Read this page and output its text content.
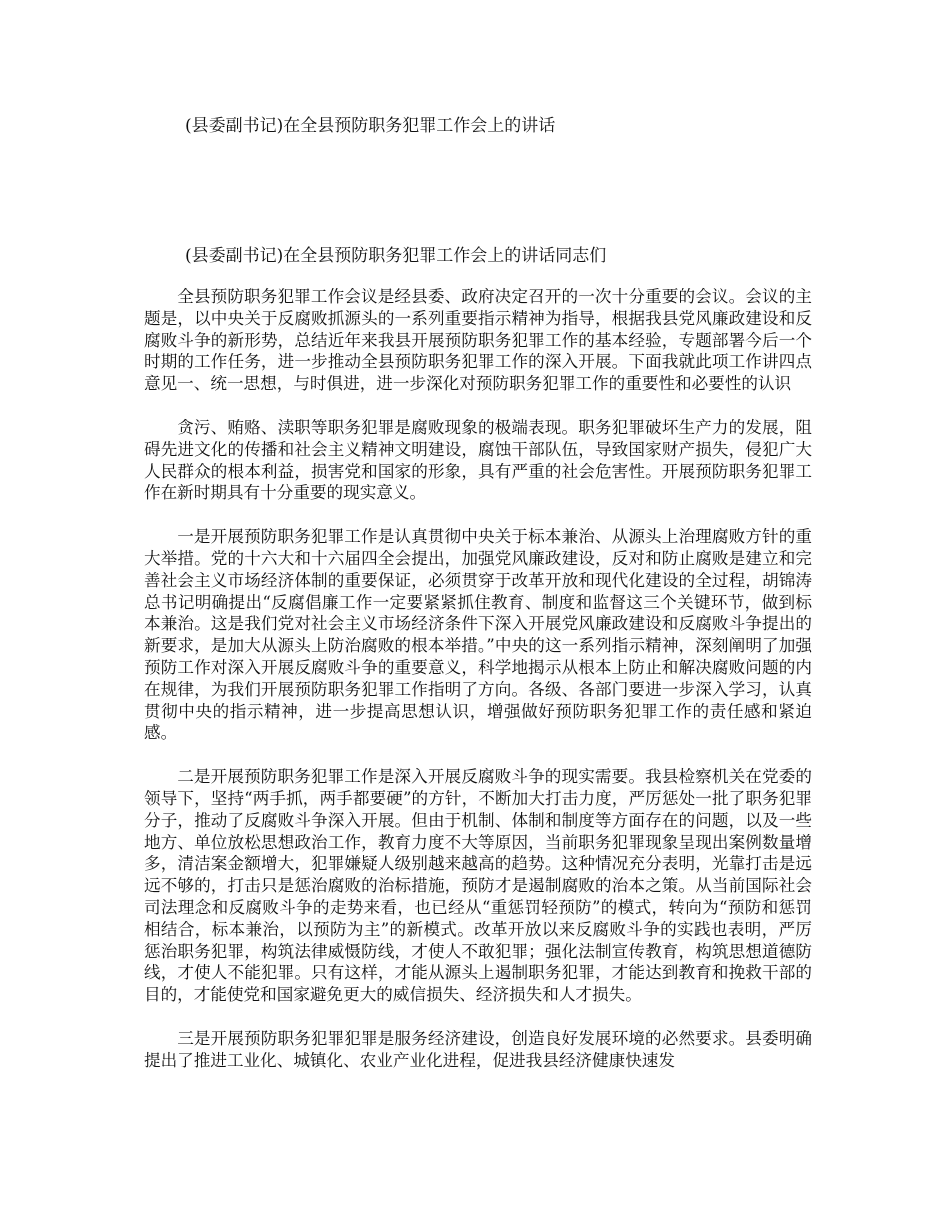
(县委副书记)在全县预防职务犯罪工作会上的讲话
(县委副书记)在全县预防职务犯罪工作会上的讲话同志们

全县预防职务犯罪工作会议是经县委、政府决定召开的一次十分重要的会议。会议的主题是，以中央关于反腐败抓源头的一系列重要指示精神为指导，根据我县党风廉政建设和反腐败斗争的新形势，总结近年来我县开展预防职务犯罪工作的基本经验，专题部署今后一个时期的工作任务，进一步推动全县预防职务犯罪工作的深入开展。下面我就此项工作讲四点意见一、统一思想，与时俱进，进一步深化对预防职务犯罪工作的重要性和必要性的认识

贪污、贿赂、渎职等职务犯罪是腐败现象的极端表现。职务犯罪破坏生产力的发展，阻碍先进文化的传播和社会主义精神文明建设，腐蚀干部队伍，导致国家财产损失，侵犯广大人民群众的根本利益，损害党和国家的形象，具有严重的社会危害性。开展预防职务犯罪工作在新时期具有十分重要的现实意义。

一是开展预防职务犯罪工作是认真贯彻中央关于标本兼治、从源头上治理腐败方针的重大举措。党的十六大和十六届四全会提出，加强党风廉政建设，反对和防止腐败是建立和完善社会主义市场经济体制的重要保证，必须贯穿于改革开放和现代化建设的全过程，胡锦涛总书记明确提出“反腐倡廉工作一定要紧紧抓住教育、制度和监督这三个关键环节，做到标本兼治。这是我们党对社会主义市场经济条件下深入开展党风廉政建设和反腐败斗争提出的新要求，是加大从源头上防治腐败的根本举措。”中央的这一系列指示精神，深刻阐明了加强预防工作对深入开展反腐败斗争的重要意义，科学地揭示从根本上防止和解决腐败问题的内在规律，为我们开展预防职务犯罪工作指明了方向。各级、各部门要进一步深入学习，认真贯彻中央的指示精神，进一步提高思想认识，增强做好预防职务犯罪工作的责任感和紧迫感。

二是开展预防职务犯罪工作是深入开展反腐败斗争的现实需要。我县检察机关在党委的领导下，坚持“两手抓，两手都要硬”的方针，不断加大打击力度，严厉惩处一批了职务犯罪分子，推动了反腐败斗争深入开展。但由于机制、体制和制度等方面存在的问题，以及一些地方、单位放松思想政治工作，教育力度不大等原因，当前职务犯罪现象呈现出案例数量增多，清洁案金额增大，犯罪嫌疑人级别越来越高的趋势。这种情况充分表明，光靠打击是远远不够的，打击只是惩治腐败的治标措施，预防才是遏制腐败的治本之策。从当前国际社会司法理念和反腐败斗争的走势来看，也已经从“重惩罚轻预防”的模式，转向为“预防和惩罚相结合，标本兼治，以预防为主”的新模式。改革开放以来反腐败斗争的实践也表明，严厉惩治职务犯罪，构筑法律威慑防线，才使人不敢犯罪；强化法制宣传教育，构筑思想道德防线，才使人不能犯罪。只有这样，才能从源头上遏制职务犯罪，才能达到教育和挽救干部的目的，才能使党和国家避免更大的威信损失、经济损失和人才损失。

三是开展预防职务犯罪犯罪是服务经济建设，创造良好发展环境的必然要求。县委明确提出了推进工业化、城镇化、农业产业化进程，促进我县经济健康快速发
